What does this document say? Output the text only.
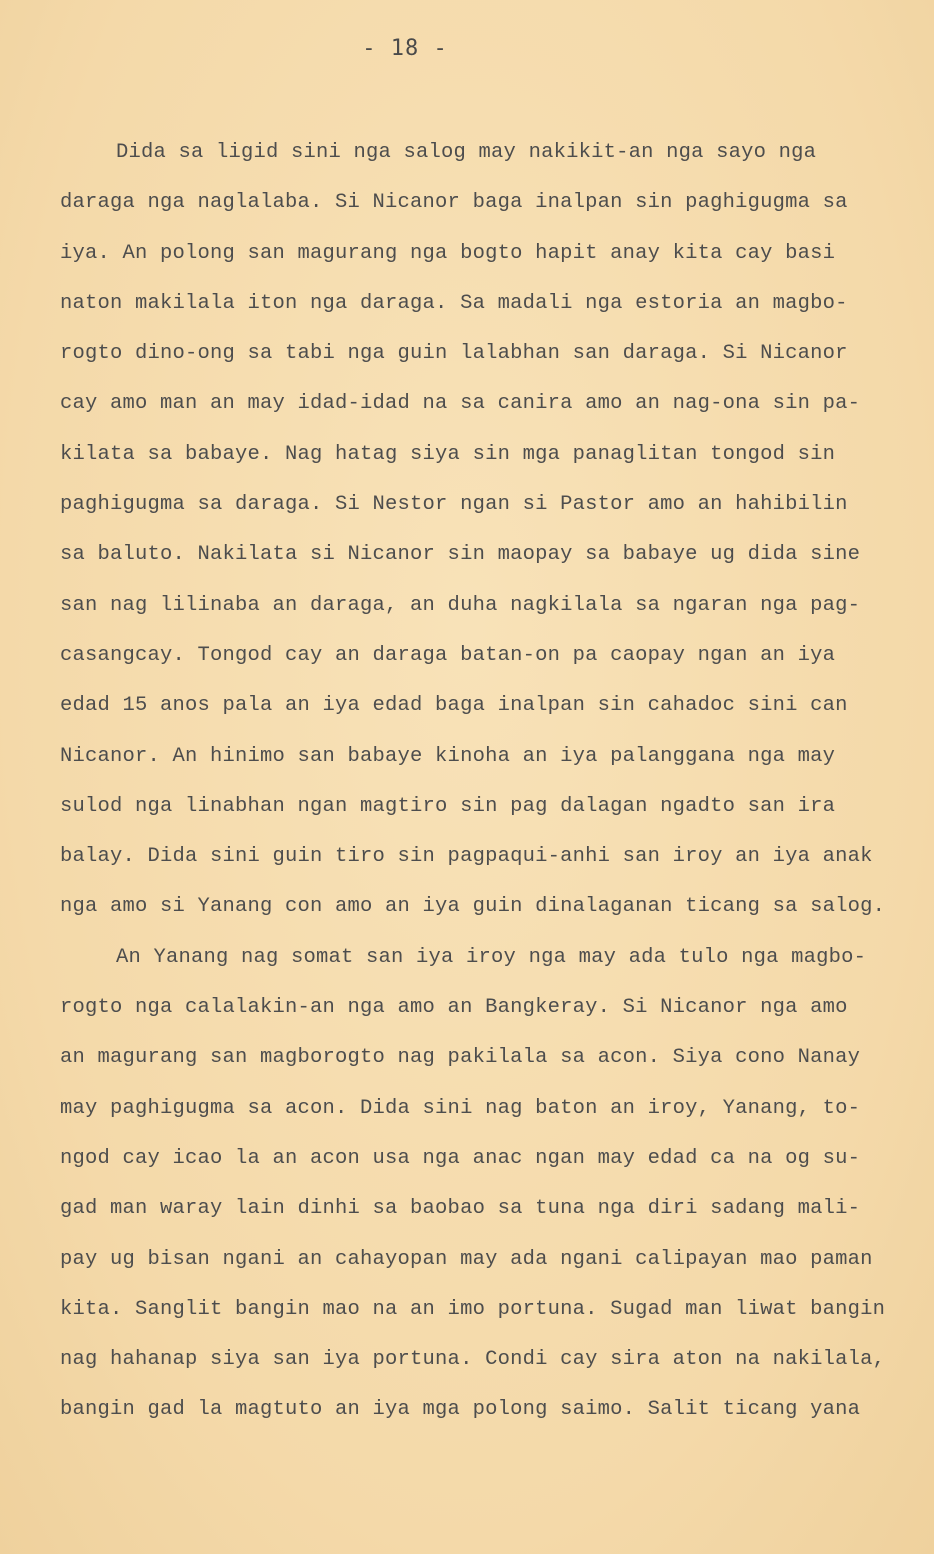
- 18 -
Dida sa ligid sini nga salog may nakikit-an nga sayo nga
daraga nga naglalaba. Si Nicanor baga inalpan sin paghigugma sa
iya. An polong san magurang nga bogto hapit anay kita cay basi
naton makilala iton nga daraga. Sa madali nga estoria an magbo-
rogto dino-ong sa tabi nga guin lalabhan san daraga. Si Nicanor
cay amo man an may idad-idad na sa canira amo an nag-ona sin pa-
kilata sa babaye. Nag hatag siya sin mga panaglitan tongod sin
paghigugma sa daraga. Si Nestor ngan si Pastor amo an hahibilin
sa baluto. Nakilata si Nicanor sin maopay sa babaye ug dida sine
san nag lilinaba an daraga, an duha nagkilala sa ngaran nga pag-
casangcay. Tongod cay an daraga batan-on pa caopay ngan an iya
edad 15 anos pala an iya edad baga inalpan sin cahadoc sini can
Nicanor. An hinimo san babaye kinoha an iya palanggana nga may
sulod nga linabhan ngan magtiro sin pag dalagan ngadto san ira
balay. Dida sini guin tiro sin pagpaqui-anhi san iroy an iya anak
nga amo si Yanang con amo an iya guin dinalaganan ticang sa salog.
An Yanang nag somat san iya iroy nga may ada tulo nga magbo-
rogto nga calalakin-an nga amo an Bangkeray. Si Nicanor nga amo
an magurang san magborogto nag pakilala sa acon. Siya cono Nanay
may paghigugma sa acon. Dida sini nag baton an iroy, Yanang, to-
ngod cay icao la an acon usa nga anac ngan may edad ca na og su-
gad man waray lain dinhi sa baobao sa tuna nga diri sadang mali-
pay ug bisan ngani an cahayopan may ada ngani calipayan mao paman
kita. Sanglit bangin mao na an imo portuna. Sugad man liwat bangin
nag hahanap siya san iya portuna. Condi cay sira aton na nakilala,
bangin gad la magtuto an iya mga polong saimo. Salit ticang yana
